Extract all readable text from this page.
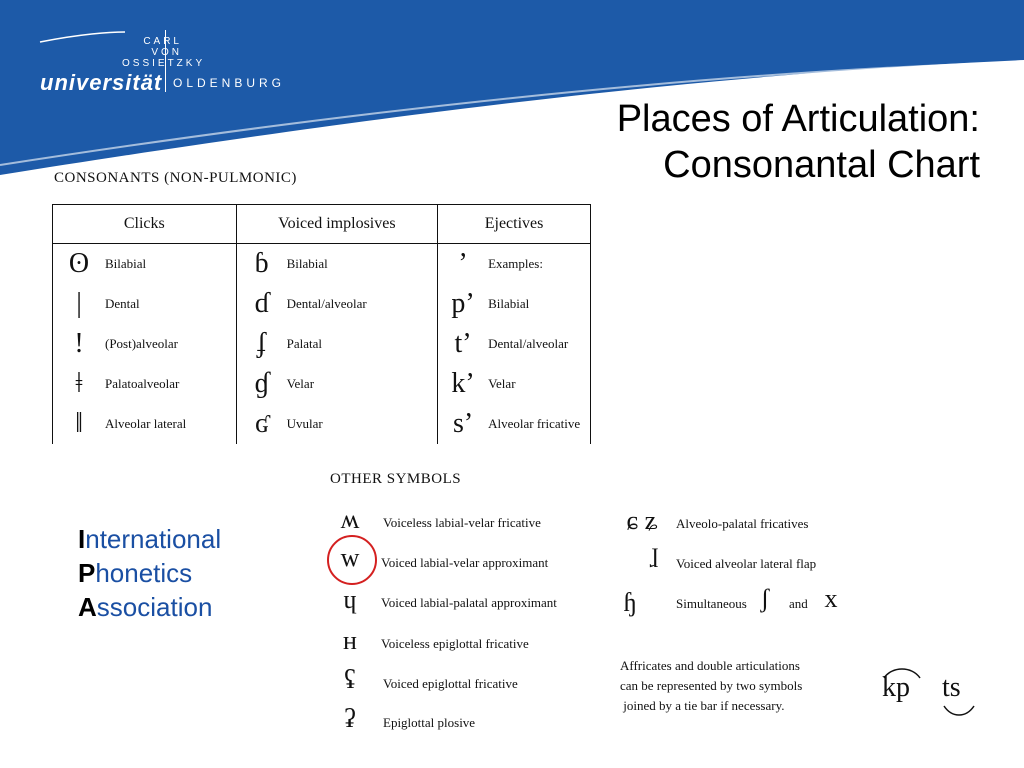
CARL
VON
OSSIETZKY
universität OLDENBURG
Places of Articulation:
Consonantal Chart
CONSONANTS (NON-PULMONIC)
Clicks		Voiced implosives		Ejectives	
ʘ	Bilabial	ɓ	Bilabial	ʼ	Examples:
|	Dental	ɗ	Dental/alveolar	pʼ	Bilabial
!	(Post)alveolar	ʄ	Palatal	tʼ	Dental/alveolar
ǂ	Palatoalveolar	ɠ	Velar	kʼ	Velar
ǁ	Alveolar lateral	ʛ	Uvular	sʼ	Alveolar fricative
International
Phonetics
Association
OTHER SYMBOLS
ʍ	Voiceless labial-velar fricative
w	Voiced labial-velar approximant
ɥ	Voiced labial-palatal approximant
ʜ	Voiceless epiglottal fricative
ʢ	Voiced epiglottal fricative
ʡ	Epiglottal plosive
ɕ ʑ	Alveolo-palatal fricatives
ɺ	Voiced alveolar lateral flap
ɧ	Simultaneous ʃ	and x
Affricates and double articulations
can be represented by two symbols
joined by a tie bar if necessary.
kp ts
